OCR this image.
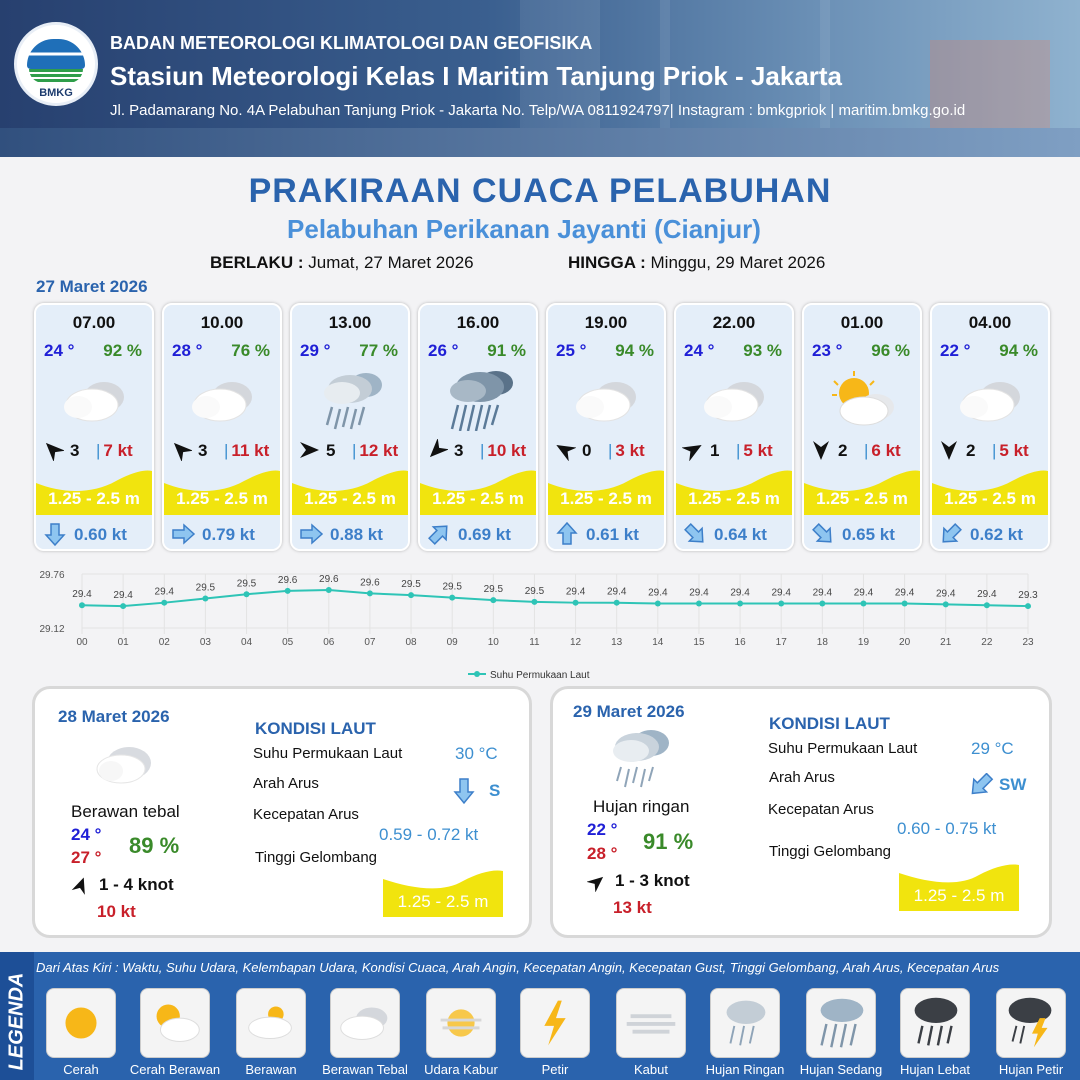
BMKG
BADAN METEOROLOGI KLIMATOLOGI DAN GEOFISIKA
Stasiun Meteorologi Kelas I Maritim Tanjung Priok - Jakarta
Jl. Padamarang No. 4A Pelabuhan Tanjung Priok - Jakarta No. Telp/WA 0811924797| Instagram : bmkgpriok | maritim.bmkg.go.id
PRAKIRAAN CUACA PELABUHAN
Pelabuhan Perikanan Jayanti (Cianjur)
BERLAKU : Jumat, 27 Maret 2026	HINGGA : Minggu, 29 Maret 2026
27 Maret 2026
07.00
24 ° 92 %
3 | 7 kt
1.25 - 2.5 m
0.60 kt
10.00
28 ° 76 %
3 | 11 kt
1.25 - 2.5 m
0.79 kt
13.00
29 ° 77 %
5 | 12 kt
1.25 - 2.5 m
0.88 kt
16.00
26 ° 91 %
3 | 10 kt
1.25 - 2.5 m
0.69 kt
19.00
25 ° 94 %
0 | 3 kt
1.25 - 2.5 m
0.61 kt
22.00
24 ° 93 %
1 | 5 kt
1.25 - 2.5 m
0.64 kt
01.00
23 ° 96 %
2 | 6 kt
1.25 - 2.5 m
0.65 kt
04.00
22 ° 94 %
2 | 5 kt
1.25 - 2.5 m
0.62 kt
29.76
29.12
29.4
00
29.4
01
29.4
02
29.5
03
29.5
04
29.6
05
29.6
06
29.6
07
29.5
08
29.5
09
29.5
10
29.5
11
29.4
12
29.4
13
29.4
14
29.4
15
29.4
16
29.4
17
29.4
18
29.4
19
29.4
20
29.4
21
29.4
22
29.3
23
Suhu Permukaan Laut
28 Maret 2026
Berawan tebal
24 °
27 ° 89 %
1 - 4 knot
10 kt
KONDISI LAUT
Suhu Permukaan Laut	30 °C
Arah Arus	S
Kecepatan Arus
0.59 - 0.72 kt
Tinggi Gelombang
1.25 - 2.5 m
29 Maret 2026
Hujan ringan
22 °
28 ° 91 %
1 - 3 knot
13 kt
KONDISI LAUT
Suhu Permukaan Laut	29 °C
Arah Arus	SW
Kecepatan Arus
0.60 - 0.75 kt
Tinggi Gelombang
1.25 - 2.5 m
LEGENDA
Dari Atas Kiri : Waktu, Suhu Udara, Kelembapan Udara, Kondisi Cuaca, Arah Angin, Kecepatan Angin, Kecepatan Gust, Tinggi Gelombang, Arah Arus, Kecepatan Arus
Cerah	Cerah Berawan	Berawan	Berawan Tebal	Udara Kabur	Petir	Kabut	Hujan Ringan	Hujan Sedang	Hujan Lebat	Hujan Petir
